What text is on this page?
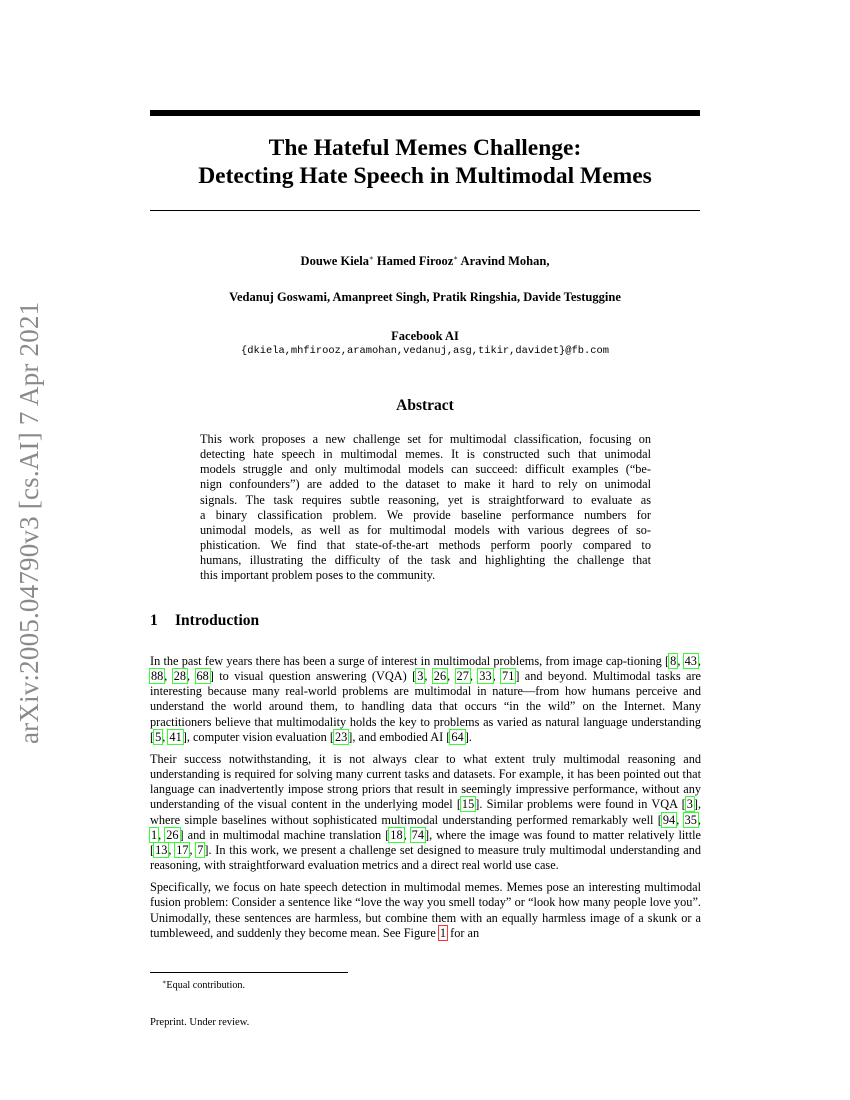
arXiv:2005.04790v3 [cs.AI] 7 Apr 2021
The Hateful Memes Challenge:
Detecting Hate Speech in Multimodal Memes
Douwe Kiela∗ Hamed Firooz∗ Aravind Mohan,
Vedanuj Goswami, Amanpreet Singh, Pratik Ringshia, Davide Testuggine
Facebook AI
{dkiela,mhfirooz,aramohan,vedanuj,asg,tikir,davidet}@fb.com
Abstract
This work proposes a new challenge set for multimodal classification, focusing on
detecting hate speech in multimodal memes. It is constructed such that unimodal
models struggle and only multimodal models can succeed: difficult examples (“be-
nign confounders”) are added to the dataset to make it hard to rely on unimodal
signals. The task requires subtle reasoning, yet is straightforward to evaluate as
a binary classification problem. We provide baseline performance numbers for
unimodal models, as well as for multimodal models with various degrees of so-
phistication. We find that state-of-the-art methods perform poorly compared to
humans, illustrating the difficulty of the task and highlighting the challenge that
this important problem poses to the community.
1 Introduction

In the past few years there has been a surge of interest in multimodal problems, from image cap-tioning [8, 43, 88, 28, 68] to visual question answering (VQA) [3, 26, 27, 33, 71] and beyond. Multimodal tasks are interesting because many real-world problems are multimodal in nature—from how humans perceive and understand the world around them, to handling data that occurs “in the wild” on the Internet. Many practitioners believe that multimodality holds the key to problems as varied as natural language understanding [5, 41], computer vision evaluation [23], and embodied AI [64].

Their success notwithstanding, it is not always clear to what extent truly multimodal reasoning and understanding is required for solving many current tasks and datasets. For example, it has been pointed out that language can inadvertently impose strong priors that result in seemingly impressive performance, without any understanding of the visual content in the underlying model [15]. Similar problems were found in VQA [3], where simple baselines without sophisticated multimodal understanding performed remarkably well [94, 35, 1, 26] and in multimodal machine translation [18, 74], where the image was found to matter relatively little [13, 17, 7]. In this work, we present a challenge set designed to measure truly multimodal understanding and reasoning, with straightforward evaluation metrics and a direct real world use case.

Specifically, we focus on hate speech detection in multimodal memes. Memes pose an interesting multimodal fusion problem: Consider a sentence like “love the way you smell today” or “look how many people love you”. Unimodally, these sentences are harmless, but combine them with an equally harmless image of a skunk or a tumbleweed, and suddenly they become mean. See Figure 1 for an

∗Equal contribution.
Preprint. Under review.
